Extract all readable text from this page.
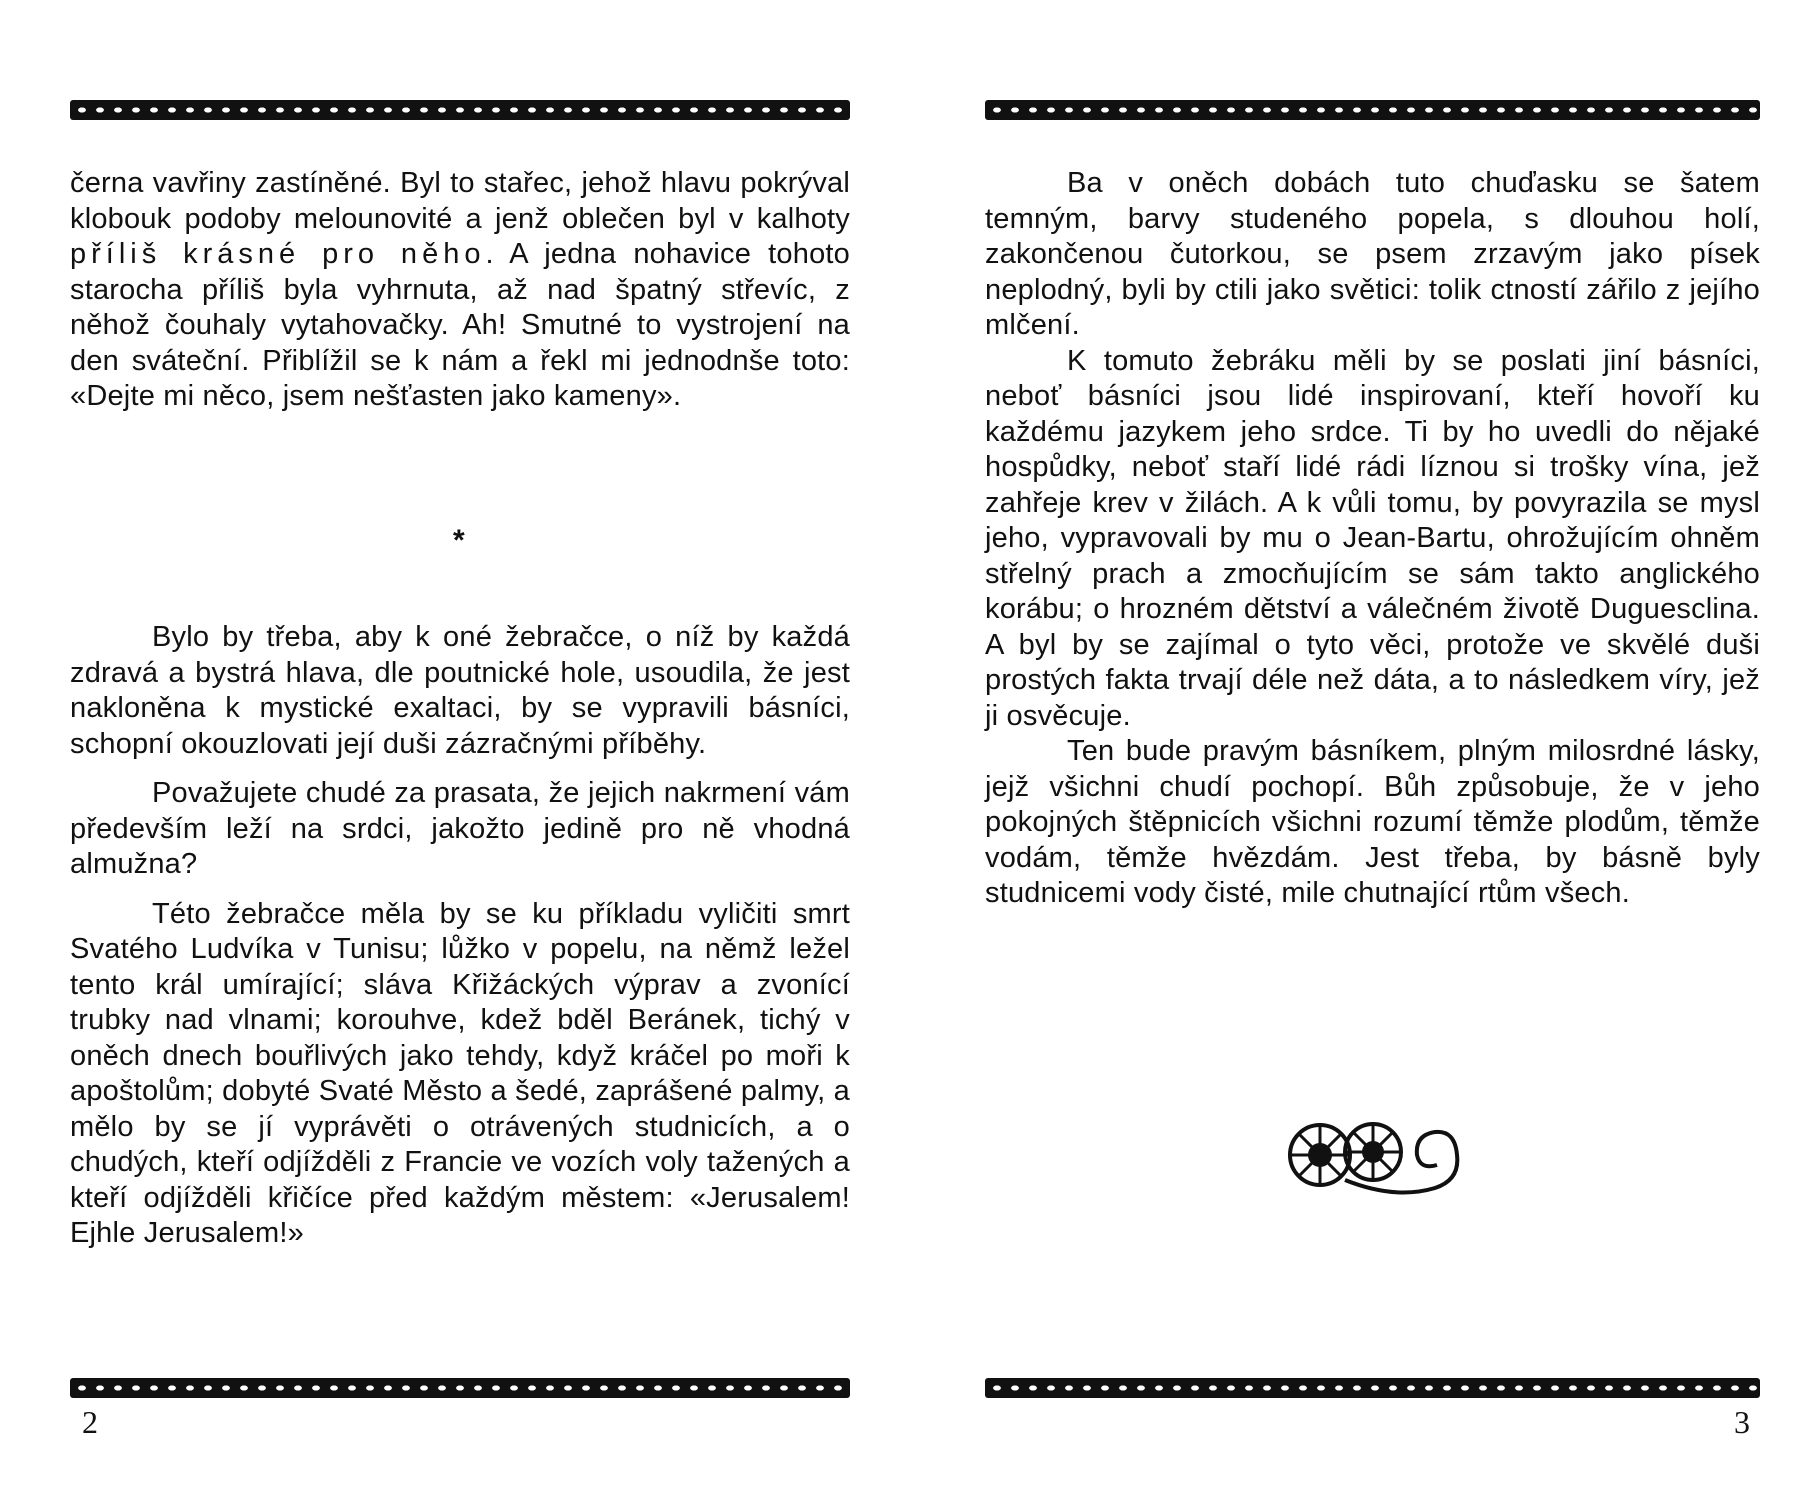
černa vavřiny zastíněné. Byl to stařec, jehož hlavu pokrýval klobouk podoby melounovité a jenž oblečen byl v kalhoty příliš krásné pro něho. A jedna nohavice tohoto starocha příliš byla vyhrnuta, až nad špatný střevíc, z něhož čouhaly vytahovačky. Ah! Smutné to vystrojení na den sváteční. Přiblížil se k nám a řekl mi jednodnše toto: «Dejte mi něco, jsem nešťasten jako kameny».

*

Bylo by třeba, aby k oné žebračce, o níž by každá zdravá a bystrá hlava, dle poutnické hole, usoudila, že jest nakloněna k mystické exaltaci, by se vypravili básníci, schopní okouzlovati její duši zázračnými příběhy.

Považujete chudé za prasata, že jejich nakrmení vám především leží na srdci, jakožto jedině pro ně vhodná almužna?

Této žebračce měla by se ku příkladu vyličiti smrt Svatého Ludvíka v Tunisu; lůžko v popelu, na němž ležel tento král umírající; sláva Křižáckých výprav a zvonící trubky nad vlnami; korouhve, kdež bděl Beránek, tichý v oněch dnech bouřlivých jako tehdy, když kráčel po moři k apoštolům; dobyté Svaté Město a šedé, zaprášené palmy, a mělo by se jí vyprávěti o otrávených studnicích, a o chudých, kteří odjížděli z Francie ve vozích voly tažených a kteří odjížděli křičíce před každým městem: «Jerusalem! Ejhle Jerusalem!»

2

Ba v oněch dobách tuto chuďasku se šatem temným, barvy studeného popela, s dlouhou holí, zakončenou čutorkou, se psem zrzavým jako písek neplodný, byli by ctili jako světici: tolik ctností zářilo z jejího mlčení.

K tomuto žebráku měli by se poslati jiní básníci, neboť básníci jsou lidé inspirovaní, kteří hovoří ku každému jazykem jeho srdce. Ti by ho uvedli do nějaké hospůdky, neboť staří lidé rádi líznou si trošky vína, jež zahřeje krev v žilách. A k vůli tomu, by povyrazila se mysl jeho, vypravovali by mu o Jean-Bartu, ohrožujícím ohněm střelný prach a zmocňujícím se sám takto anglického korábu; o hrozném dětství a válečném životě Duguesclina. A byl by se zajímal o tyto věci, protože ve skvělé duši prostých fakta trvají déle než dáta, a to následkem víry, jež ji osvěcuje.

Ten bude pravým básníkem, plným milosrdné lásky, jejž všichni chudí pochopí. Bůh způsobuje, že v jeho pokojných štěpnicích všichni rozumí těmže plodům, těmže vodám, těmže hvězdám. Jest třeba, by básně byly studnicemi vody čisté, mile chutnající rtům všech.

3
